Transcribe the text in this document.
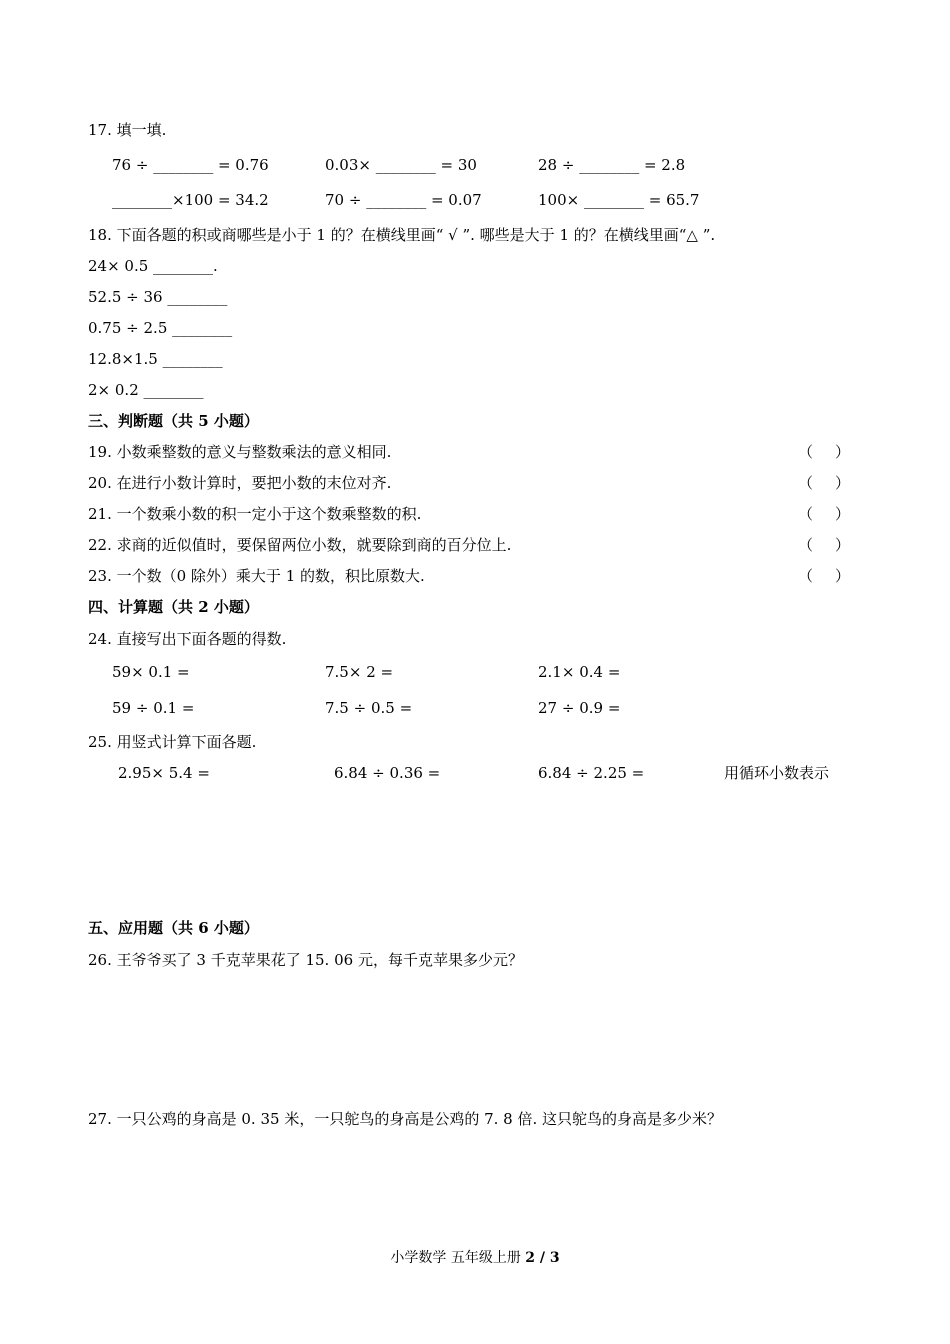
17. 填一填.
76 ÷ ________ = 0.76	0.03× ________ = 30	28 ÷ ________ = 2.8
________×100 = 34.2	70 ÷ ________ = 0.07	100× ________ = 65.7
18. 下面各题的积或商哪些是小于 1 的？在横线里画“ √ ”. 哪些是大于 1 的？在横线里画“△ ”.
24× 0.5 ________.
52.5 ÷ 36 ________
0.75 ÷ 2.5 ________
12.8×1.5 ________
2× 0.2 ________
三、判断题（共 5 小题）
19. 小数乘整数的意义与整数乘法的意义相同.	（ ）
20. 在进行小数计算时，要把小数的末位对齐.	（ ）
21. 一个数乘小数的积一定小于这个数乘整数的积.	（ ）
22. 求商的近似值时，要保留两位小数，就要除到商的百分位上.	（ ）
23. 一个数（0 除外）乘大于 1 的数，积比原数大.	（ ）
四、计算题（共 2 小题）
24. 直接写出下面各题的得数.
59× 0.1 =	7.5× 2 =	2.1× 0.4 =
59 ÷ 0.1 =	7.5 ÷ 0.5 =	27 ÷ 0.9 =
25. 用竖式计算下面各题.
2.95× 5.4 =	6.84 ÷ 0.36 =	6.84 ÷ 2.25 =	用循环小数表示
五、应用题（共 6 小题）
26. 王爷爷买了 3 千克苹果花了 15. 06 元，每千克苹果多少元？
27. 一只公鸡的身高是 0. 35 米，一只鸵鸟的身高是公鸡的 7. 8 倍. 这只鸵鸟的身高是多少米？
小学数学 五年级上册 2 / 3
